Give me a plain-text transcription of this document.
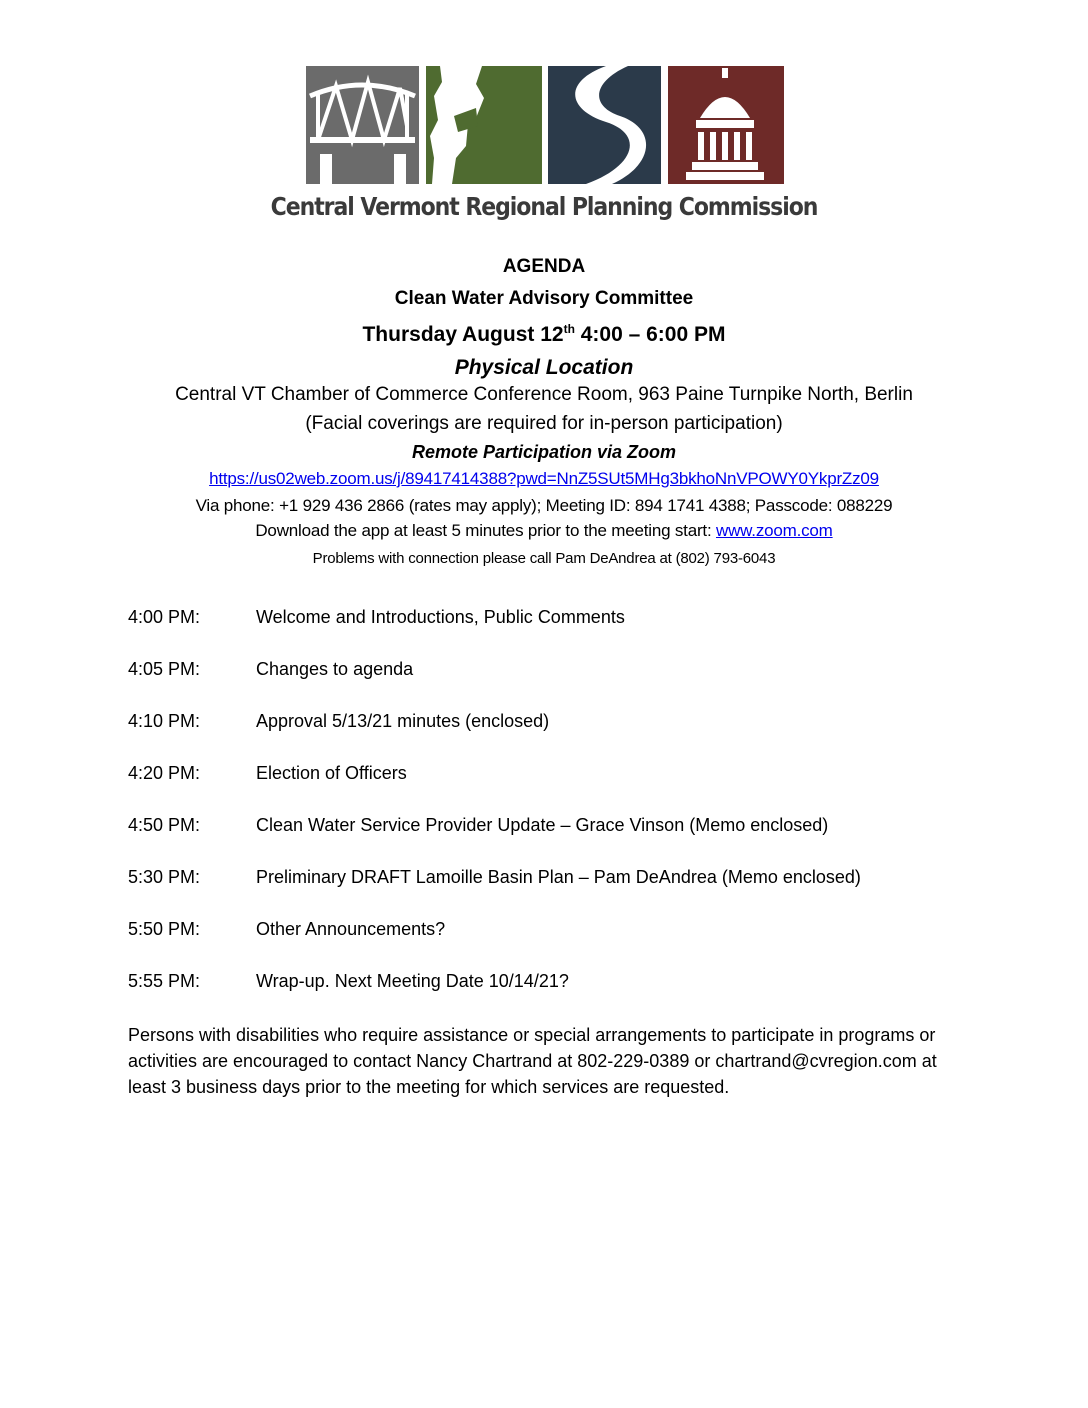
Central Vermont Regional Planning Commission
AGENDA
Clean Water Advisory Committee
Thursday August 12th 4:00 – 6:00 PM
Physical Location
Central VT Chamber of Commerce Conference Room, 963 Paine Turnpike North, Berlin
(Facial coverings are required for in-person participation)
Remote Participation via Zoom
https://us02web.zoom.us/j/89417414388?pwd=NnZ5SUt5MHg3bkhoNnVPOWY0YkprZz09
Via phone: +1 929 436 2866 (rates may apply); Meeting ID: 894 1741 4388; Passcode: 088229
Download the app at least 5 minutes prior to the meeting start: www.zoom.com
Problems with connection please call Pam DeAndrea at (802) 793-6043
4:00 PM:	Welcome and Introductions, Public Comments
4:05 PM:	Changes to agenda
4:10 PM:	Approval 5/13/21 minutes (enclosed)
4:20 PM:	Election of Officers
4:50 PM:	Clean Water Service Provider Update – Grace Vinson (Memo enclosed)
5:30 PM:	Preliminary DRAFT Lamoille Basin Plan – Pam DeAndrea (Memo enclosed)
5:50 PM:	Other Announcements?
5:55 PM:	Wrap-up. Next Meeting Date 10/14/21?
Persons with disabilities who require assistance or special arrangements to participate in programs or activities are encouraged to contact Nancy Chartrand at 802-229-0389 or chartrand@cvregion.com at least 3 business days prior to the meeting for which services are requested.
